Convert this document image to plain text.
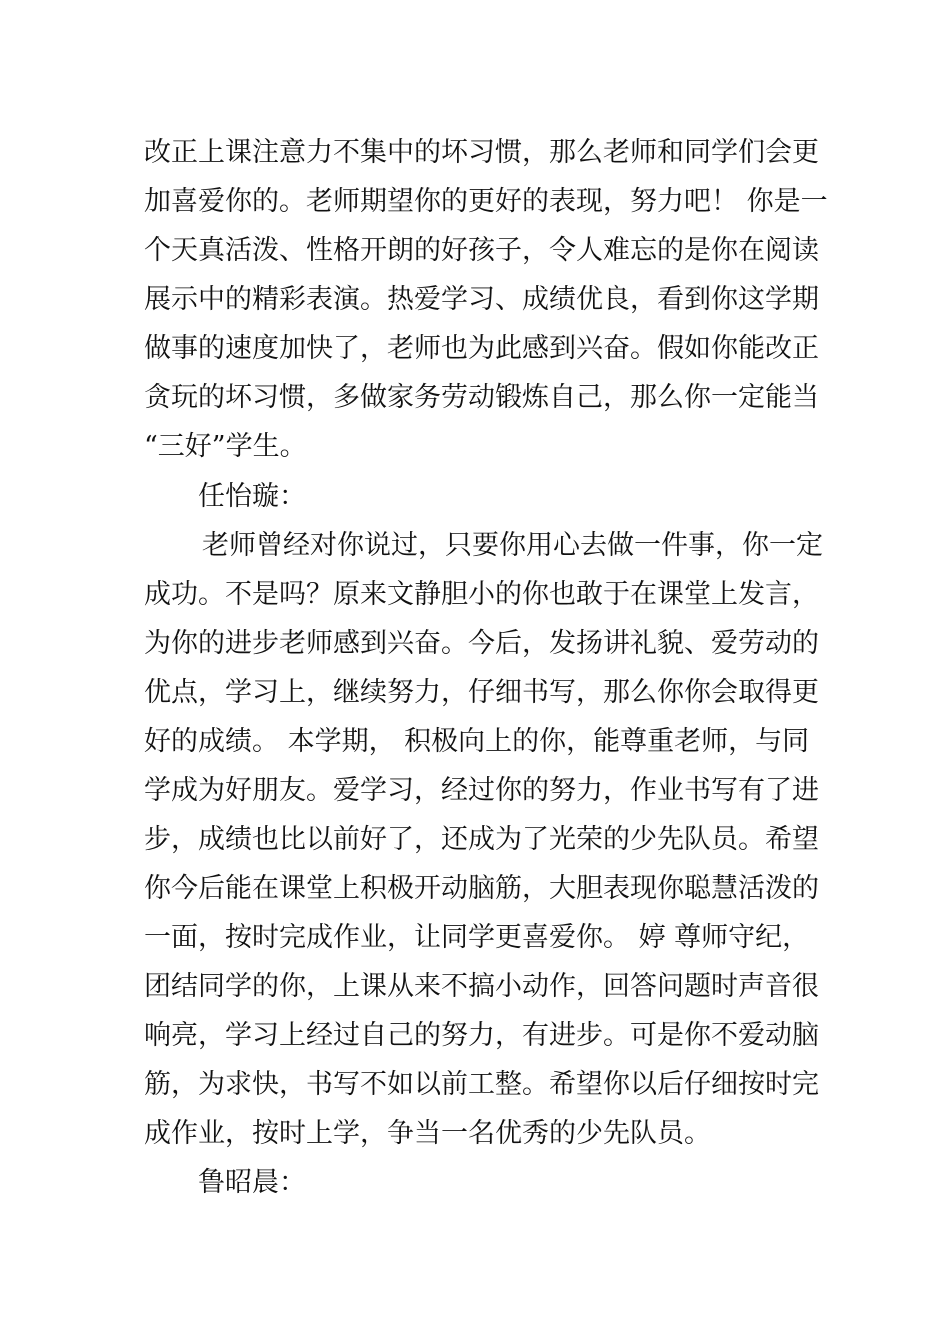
改正上课注意力不集中的坏习惯，那么老师和同学们会更
加喜爱你的。老师期望你的更好的表现，努力吧！ 你是一
个天真活泼、性格开朗的好孩子，令人难忘的是你在阅读
展示中的精彩表演。热爱学习、成绩优良，看到你这学期
做事的速度加快了，老师也为此感到兴奋。假如你能改正
贪玩的坏习惯，多做家务劳动锻炼自己，那么你一定能当
“三好”学生。
任怡璇：
老师曾经对你说过，只要你用心去做一件事，你一定
成功。不是吗？原来文静胆小的你也敢于在课堂上发言，
为你的进步老师感到兴奋。今后，发扬讲礼貌、爱劳动的
优点，学习上，继续努力，仔细书写，那么你你会取得更
好的成绩。 本学期， 积极向上的你，能尊重老师，与同
学成为好朋友。爱学习，经过你的努力，作业书写有了进
步，成绩也比以前好了，还成为了光荣的少先队员。希望
你今后能在课堂上积极开动脑筋，大胆表现你聪慧活泼的
一面，按时完成作业，让同学更喜爱你。 婷 尊师守纪，
团结同学的你，上课从来不搞小动作，回答问题时声音很
响亮，学习上经过自己的努力，有进步。可是你不爱动脑
筋，为求快，书写不如以前工整。希望你以后仔细按时完
成作业，按时上学，争当一名优秀的少先队员。
鲁昭晨：
